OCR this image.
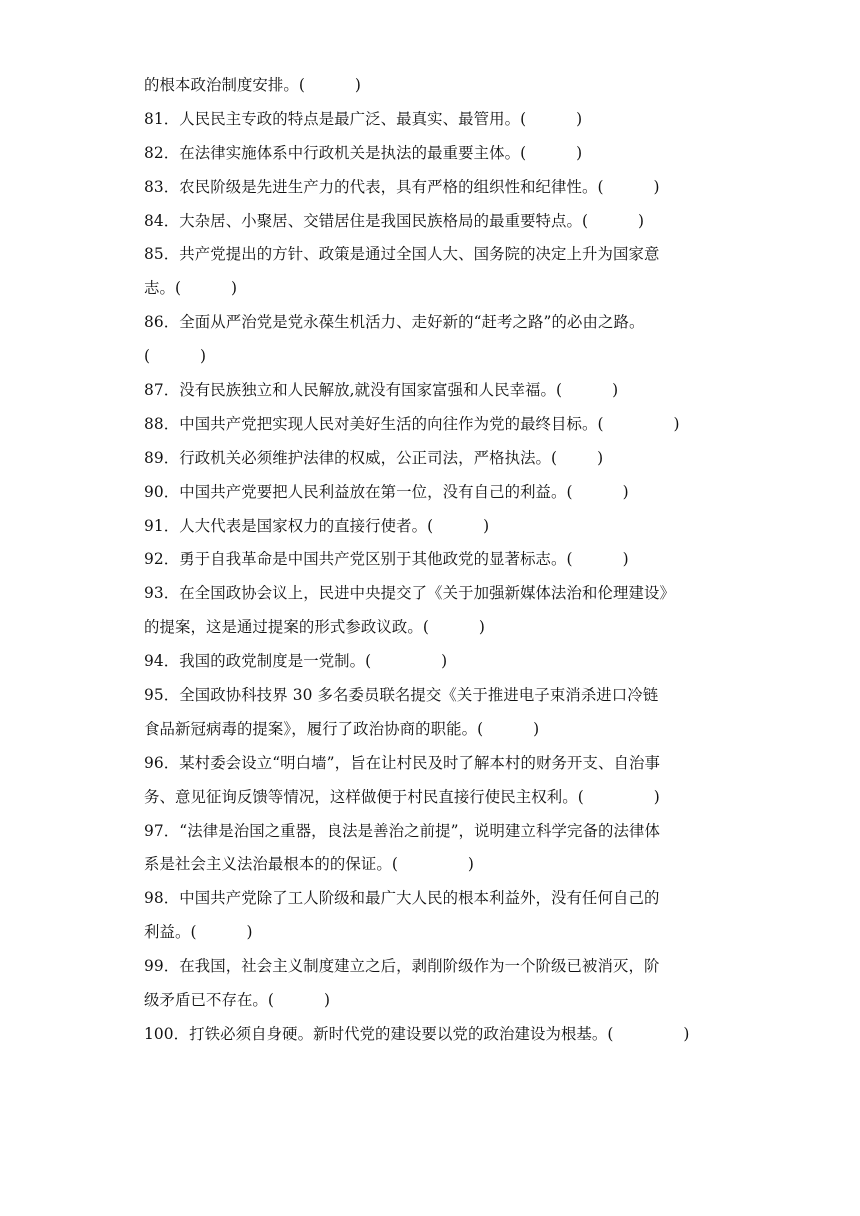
的根本政治制度安排。(          )
81．人民民主专政的特点是最广泛、最真实、最管用。(          )
82．在法律实施体系中行政机关是执法的最重要主体。(          )
83．农民阶级是先进生产力的代表，具有严格的组织性和纪律性。(          )
84．大杂居、小聚居、交错居住是我国民族格局的最重要特点。(          )
85．共产党提出的方针、政策是通过全国人大、国务院的决定上升为国家意
志。(          )
86．全面从严治党是党永葆生机活力、走好新的“赶考之路”的必由之路。
(          )
87．没有民族独立和人民解放,就没有国家富强和人民幸福。(          )
88．中国共产党把实现人民对美好生活的向往作为党的最终目标。(              )
89．行政机关必须维护法律的权威，公正司法，严格执法。(        )
90．中国共产党要把人民利益放在第一位，没有自己的利益。(          )
91．人大代表是国家权力的直接行使者。(          )
92．勇于自我革命是中国共产党区别于其他政党的显著标志。(          )
93．在全国政协会议上，民进中央提交了《关于加强新媒体法治和伦理建设》
的提案，这是通过提案的形式参政议政。(          )
94．我国的政党制度是一党制。(              )
95．全国政协科技界 30 多名委员联名提交《关于推进电子束消杀进口冷链
食品新冠病毒的提案》，履行了政治协商的职能。(          )
96．某村委会设立“明白墙”，旨在让村民及时了解本村的财务开支、自治事
务、意见征询反馈等情况，这样做便于村民直接行使民主权利。(              )
97．“法律是治国之重器，良法是善治之前提”，说明建立科学完备的法律体
系是社会主义法治最根本的的保证。(              )
98．中国共产党除了工人阶级和最广大人民的根本利益外，没有任何自己的
利益。(          )
99．在我国，社会主义制度建立之后，剥削阶级作为一个阶级已被消灭，阶
级矛盾已不存在。(          )
100．打铁必须自身硬。新时代党的建设要以党的政治建设为根基。(              )
